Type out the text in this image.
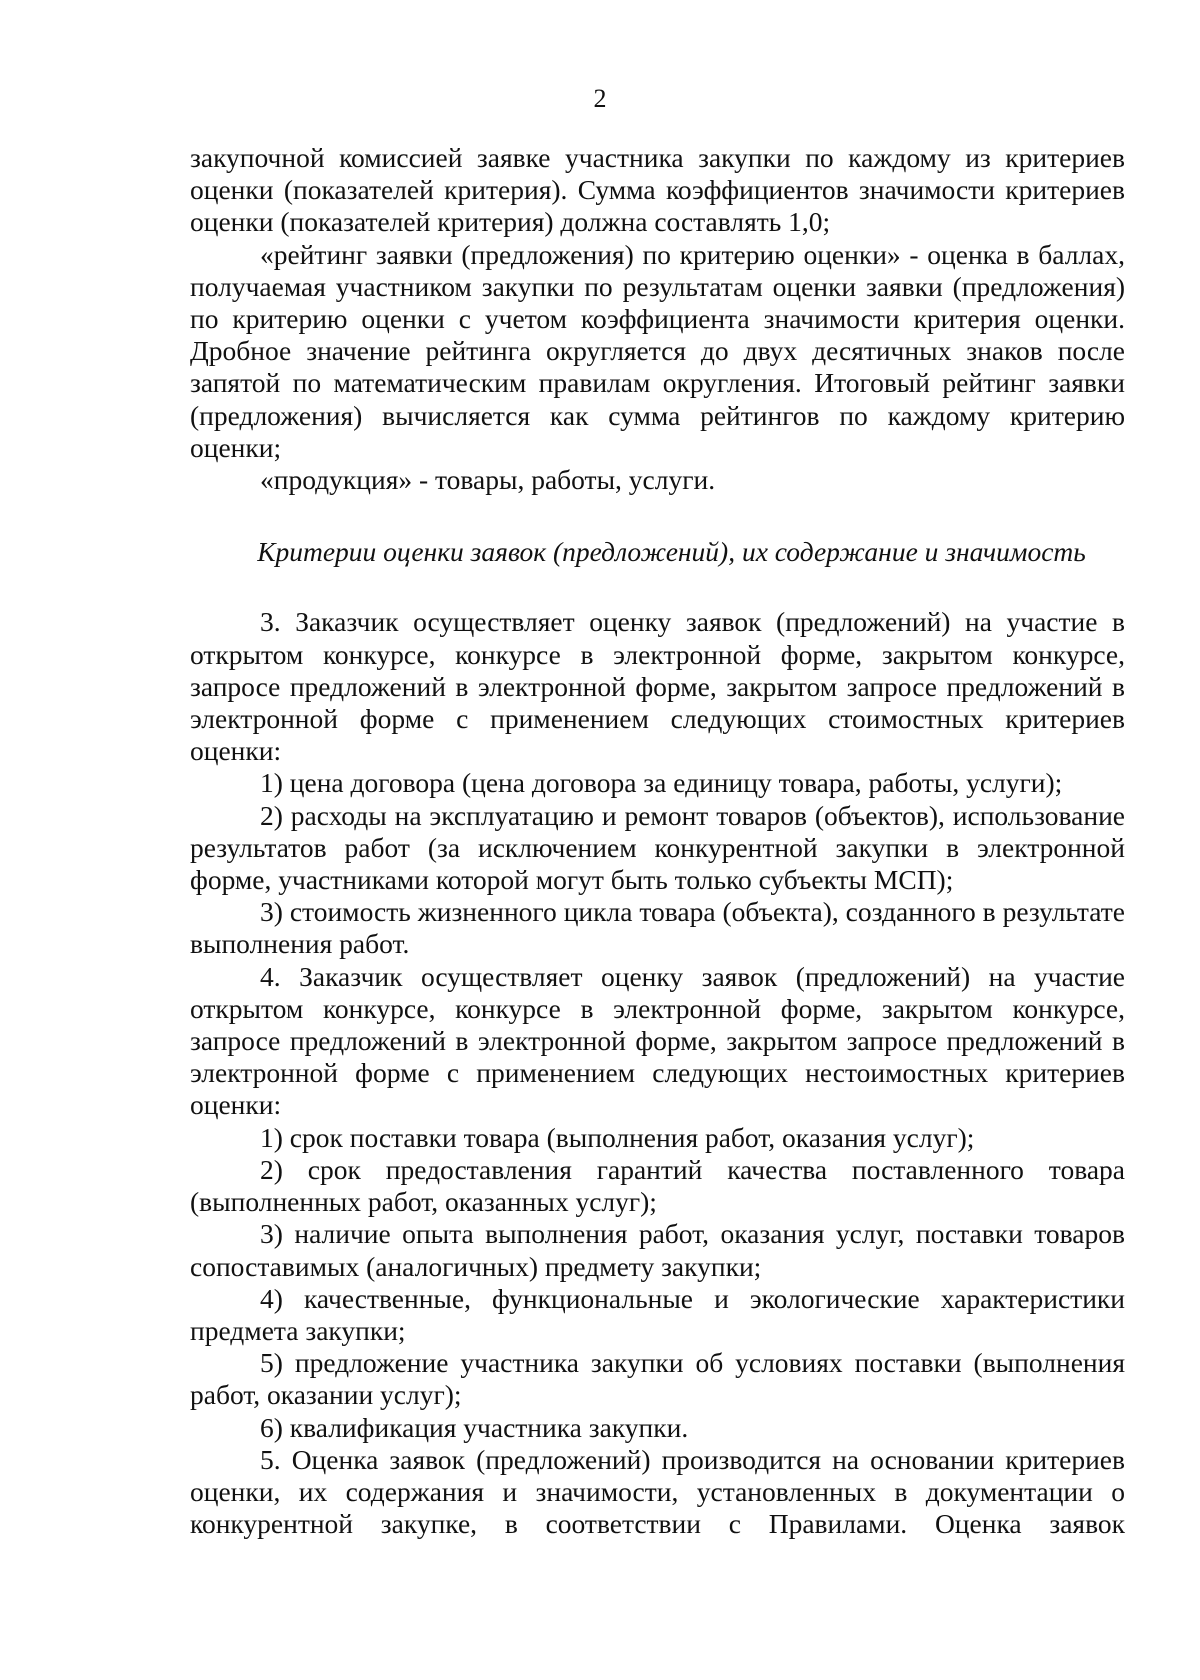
2

закупочной комиссией заявке участника закупки по каждому из критериев оценки (показателей критерия). Сумма коэффициентов значимости критериев оценки (показателей критерия) должна составлять 1,0;

«рейтинг заявки (предложения) по критерию оценки» - оценка в баллах, получаемая участником закупки по результатам оценки заявки (предложения) по критерию оценки с учетом коэффициента значимости критерия оценки. Дробное значение рейтинга округляется до двух десятичных знаков после запятой по математическим правилам округления. Итоговый рейтинг заявки (предложения) вычисляется как сумма рейтингов по каждому критерию оценки;

«продукция» - товары, работы, услуги.

Критерии оценки заявок (предложений), их содержание и значимость

3. Заказчик осуществляет оценку заявок (предложений) на участие в открытом конкурсе, конкурсе в электронной форме, закрытом конкурсе, запросе предложений в электронной форме, закрытом запросе предложений в электронной форме с применением следующих стоимостных критериев оценки:

1) цена договора (цена договора за единицу товара, работы, услуги);

2) расходы на эксплуатацию и ремонт товаров (объектов), использование результатов работ (за исключением конкурентной закупки в электронной форме, участниками которой могут быть только субъекты МСП);

3) стоимость жизненного цикла товара (объекта), созданного в результате выполнения работ.

4. Заказчик осуществляет оценку заявок (предложений) на участие открытом конкурсе, конкурсе в электронной форме, закрытом конкурсе, запросе предложений в электронной форме, закрытом запросе предложений в электронной форме с применением следующих нестоимостных критериев оценки:

1) срок поставки товара (выполнения работ, оказания услуг);

2) срок предоставления гарантий качества поставленного товара (выполненных работ, оказанных услуг);

3) наличие опыта выполнения работ, оказания услуг, поставки товаров сопоставимых (аналогичных) предмету закупки;

4) качественные, функциональные и экологические характеристики предмета закупки;

5) предложение участника закупки об условиях поставки (выполнения работ, оказании услуг);

6) квалификация участника закупки.

5. Оценка заявок (предложений) производится на основании критериев оценки, их содержания и значимости, установленных в документации о конкурентной закупке, в соответствии с Правилами. Оценка заявок
